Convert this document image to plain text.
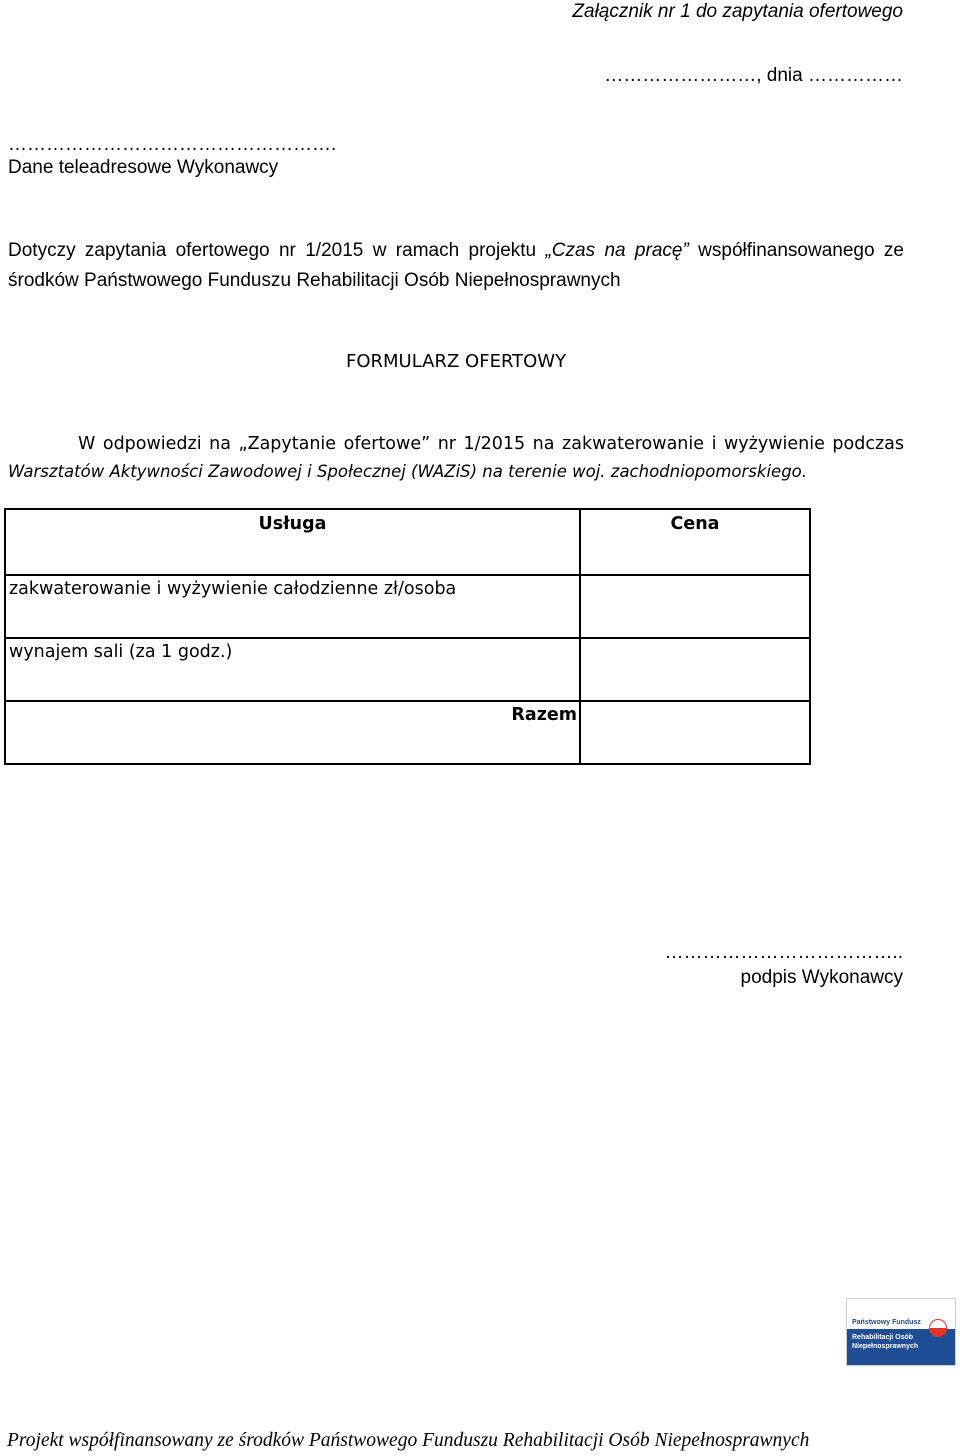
Załącznik nr 1 do zapytania ofertowego
……………………, dnia ……………
…………………………………………….
Dane teleadresowe Wykonawcy
Dotyczy zapytania ofertowego nr 1/2015 w ramach projektu „Czas na pracę” współfinansowanego ze środków Państwowego Funduszu Rehabilitacji Osób Niepełnosprawnych
FORMULARZ OFERTOWY
W odpowiedzi na „Zapytanie ofertowe” nr 1/2015 na zakwaterowanie i wyżywienie podczas
Warsztatów Aktywności Zawodowej i Społecznej (WAZiS) na terenie woj. zachodniopomorskiego.
Usługa	Cena
zakwaterowanie i wyżywienie całodzienne zł/osoba	
wynajem sali (za 1 godz.)	
Razem	
………………………………..
podpis Wykonawcy
Państwowy Fundusz
Rehabilitacji Osób Niepełnosprawnych
Projekt współfinansowany ze środków Państwowego Funduszu Rehabilitacji Osób Niepełnosprawnych
